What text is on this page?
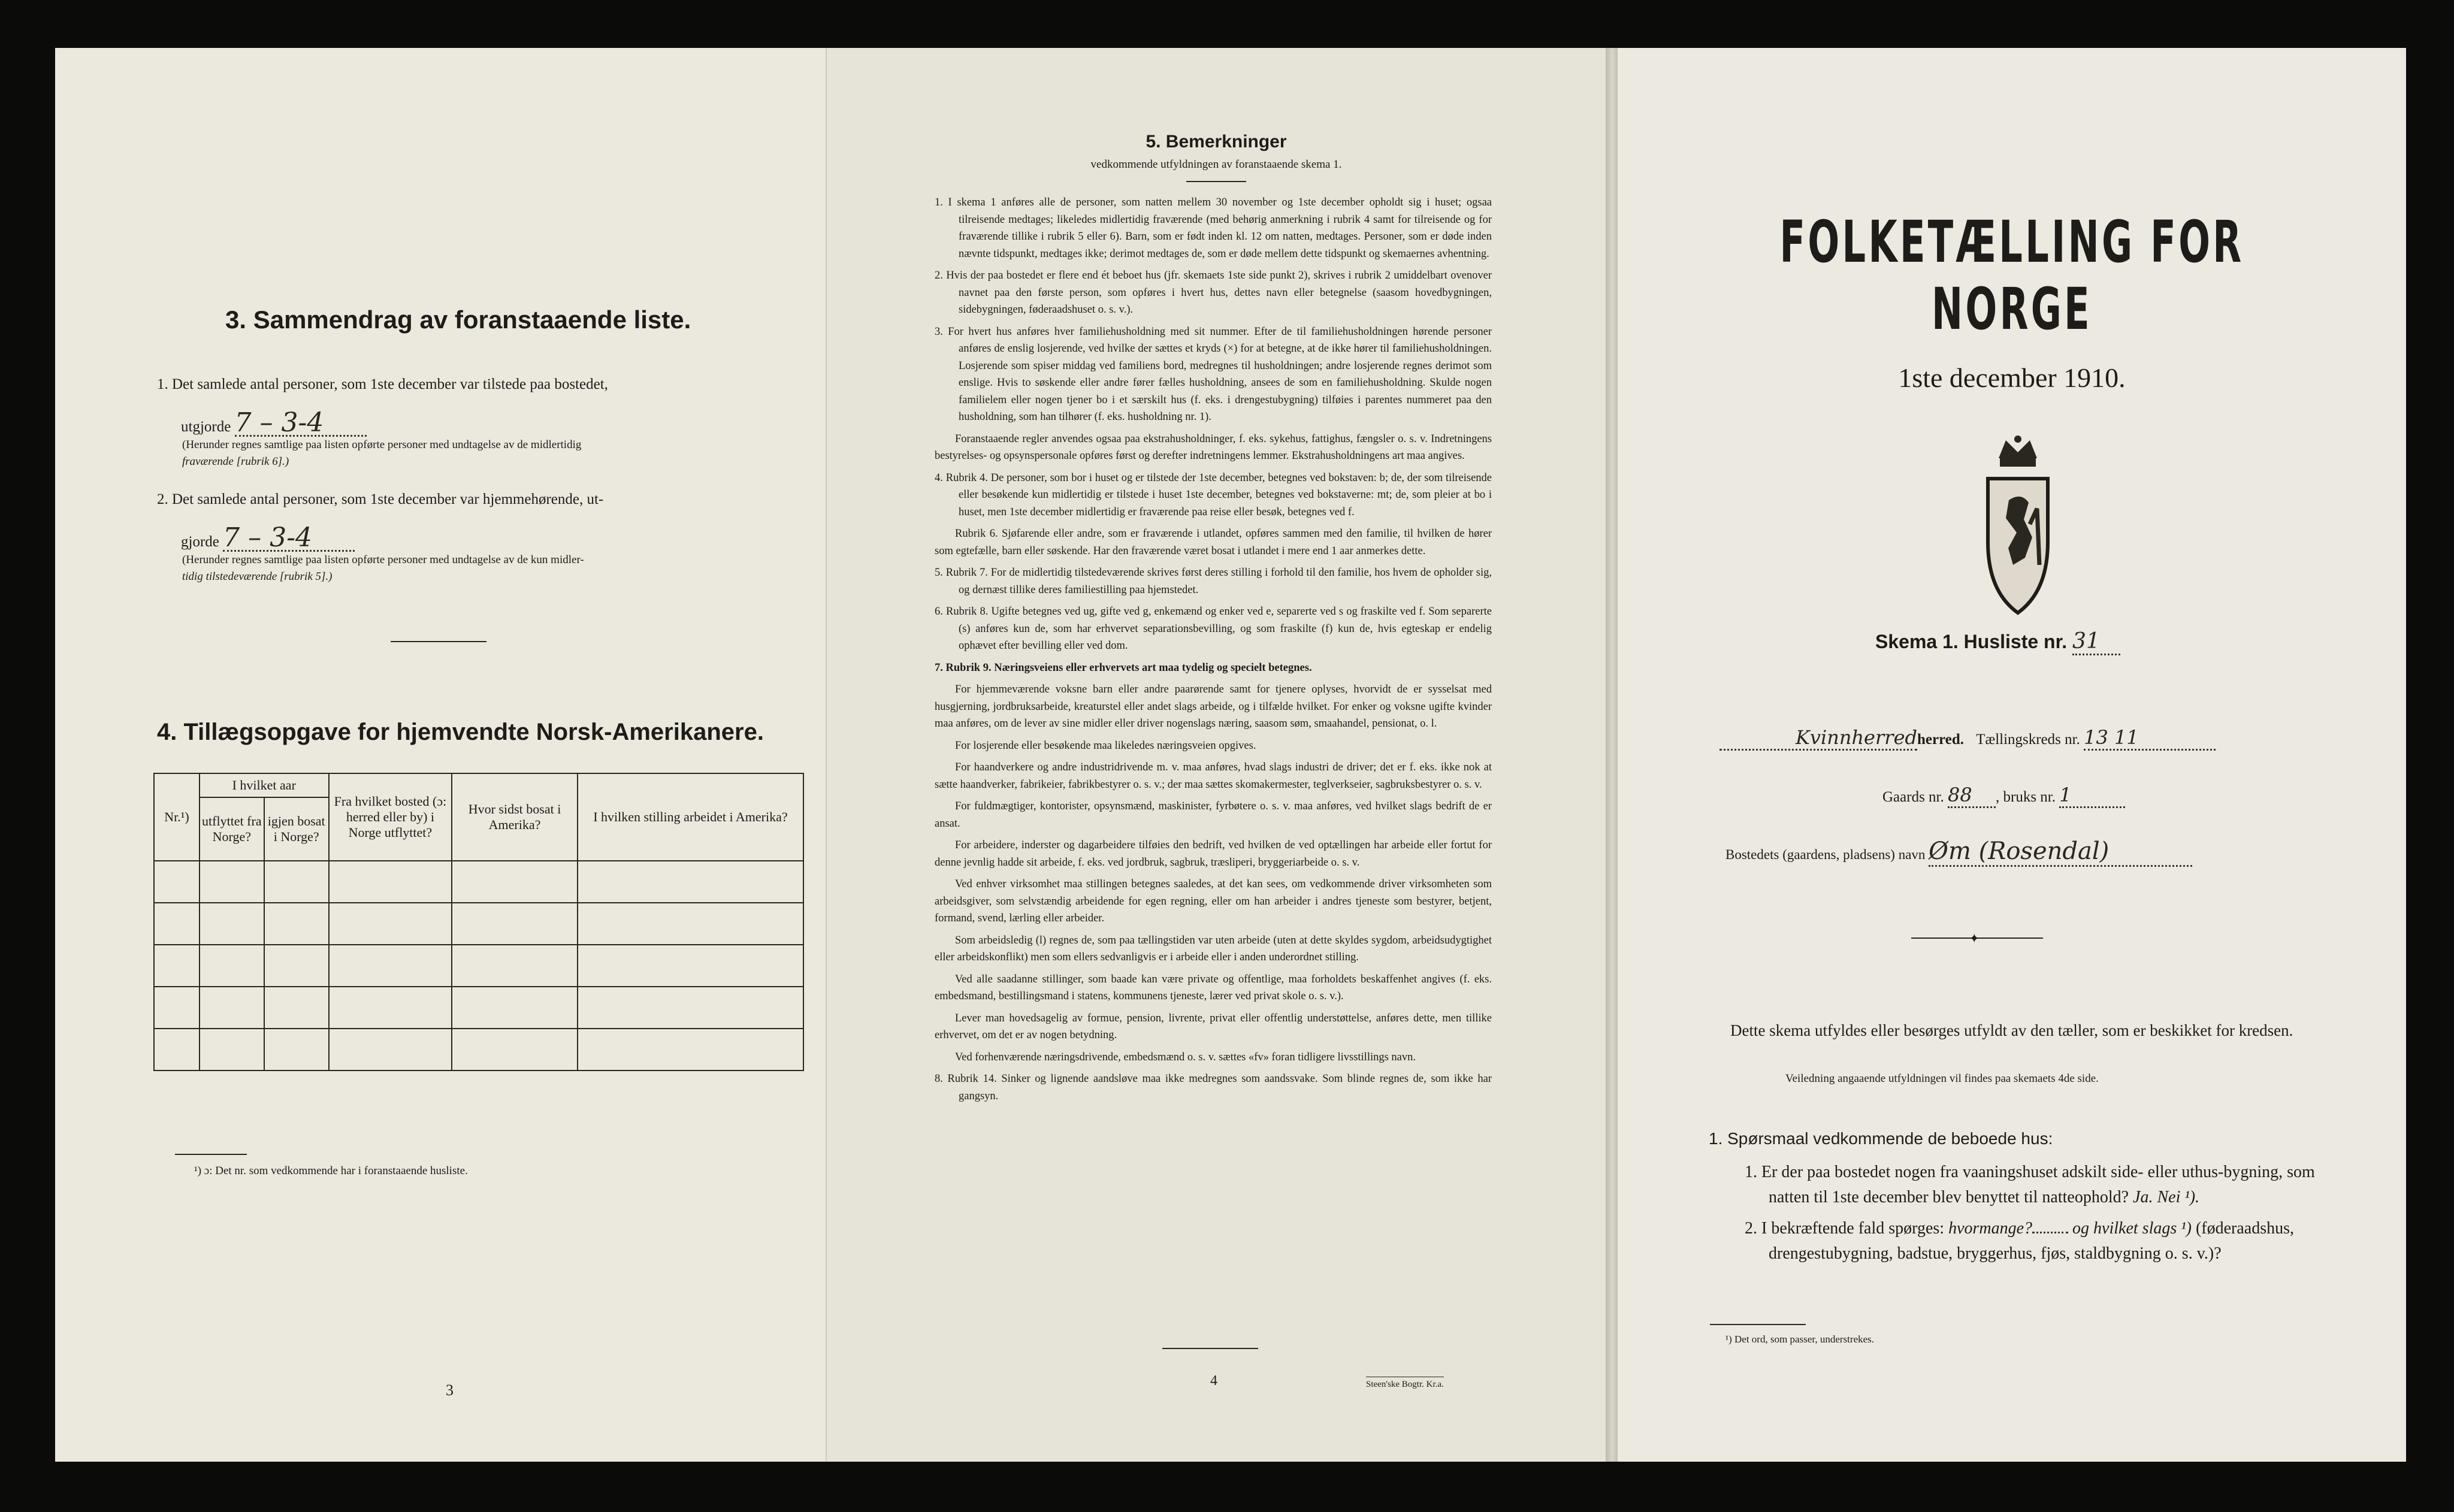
3. Sammendrag av foranstaaende liste.
1. Det samlede antal personer, som 1ste december var tilstede paa bostedet,
utgjorde 7 – 3-4
(Herunder regnes samtlige paa listen opførte personer med undtagelse av de midlertidig
fraværende [rubrik 6].)
2. Det samlede antal personer, som 1ste december var hjemmehørende, ut-
gjorde 7 – 3-4
(Herunder regnes samtlige paa listen opførte personer med undtagelse av de kun midler-
tidig tilstedeværende [rubrik 5].)
4. Tillægsopgave for hjemvendte Norsk-Amerikanere.
Nr.¹)	I hvilket aar		Fra hvilket bosted (ɔ: herred eller by) i Norge utflyttet?	Hvor sidst bosat i Amerika?	I hvilken stilling arbeidet i Amerika?
	utflyttet fra Norge?	igjen bosat i Norge?			

¹) ɔ: Det nr. som vedkommende har i foranstaaende husliste.
3
5. Bemerkninger
vedkommende utfyldningen av foranstaaende skema 1.

1. I skema 1 anføres alle de personer, som natten mellem 30 november og 1ste december opholdt sig i huset; ogsaa tilreisende medtages; likeledes midlertidig fraværende (med behørig anmerkning i rubrik 4 samt for tilreisende og for fraværende tillike i rubrik 5 eller 6). Barn, som er født inden kl. 12 om natten, medtages. Personer, som er døde inden nævnte tidspunkt, medtages ikke; derimot medtages de, som er døde mellem dette tidspunkt og skemaernes avhentning.

2. Hvis der paa bostedet er flere end ét beboet hus (jfr. skemaets 1ste side punkt 2), skrives i rubrik 2 umiddelbart ovenover navnet paa den første person, som opføres i hvert hus, dettes navn eller betegnelse (saasom hovedbygningen, sidebygningen, føderaadshuset o. s. v.).

3. For hvert hus anføres hver familiehusholdning med sit nummer. Efter de til familiehusholdningen hørende personer anføres de enslig losjerende, ved hvilke der sættes et kryds (×) for at betegne, at de ikke hører til familiehusholdningen. Losjerende som spiser middag ved familiens bord, medregnes til husholdningen; andre losjerende regnes derimot som enslige. Hvis to søskende eller andre fører fælles husholdning, ansees de som en familiehusholdning. Skulde nogen familielem eller nogen tjener bo i et særskilt hus (f. eks. i drengestubygning) tilføies i parentes nummeret paa den husholdning, som han tilhører (f. eks. husholdning nr. 1).

Foranstaaende regler anvendes ogsaa paa ekstrahusholdninger, f. eks. sykehus, fattighus, fængsler o. s. v. Indretningens bestyrelses- og opsynspersonale opføres først og derefter indretningens lemmer. Ekstrahusholdningens art maa angives.

4. Rubrik 4. De personer, som bor i huset og er tilstede der 1ste december, betegnes ved bokstaven: b; de, der som tilreisende eller besøkende kun midlertidig er tilstede i huset 1ste december, betegnes ved bokstaverne: mt; de, som pleier at bo i huset, men 1ste december midlertidig er fraværende paa reise eller besøk, betegnes ved f.

Rubrik 6. Sjøfarende eller andre, som er fraværende i utlandet, opføres sammen med den familie, til hvilken de hører som egtefælle, barn eller søskende. Har den fraværende været bosat i utlandet i mere end 1 aar anmerkes dette.

5. Rubrik 7. For de midlertidig tilstedeværende skrives først deres stilling i forhold til den familie, hos hvem de opholder sig, og dernæst tillike deres familiestilling paa hjemstedet.

6. Rubrik 8. Ugifte betegnes ved ug, gifte ved g, enkemænd og enker ved e, separerte ved s og fraskilte ved f. Som separerte (s) anføres kun de, som har erhvervet separationsbevilling, og som fraskilte (f) kun de, hvis egteskap er endelig ophævet efter bevilling eller ved dom.

7. Rubrik 9. Næringsveiens eller erhvervets art maa tydelig og specielt betegnes.

For hjemmeværende voksne barn eller andre paarørende samt for tjenere oplyses, hvorvidt de er sysselsat med husgjerning, jordbruksarbeide, kreaturstel eller andet slags arbeide, og i tilfælde hvilket. For enker og voksne ugifte kvinder maa anføres, om de lever av sine midler eller driver nogenslags næring, saasom søm, smaahandel, pensionat, o. l.

For losjerende eller besøkende maa likeledes næringsveien opgives.

For haandverkere og andre industridrivende m. v. maa anføres, hvad slags industri de driver; det er f. eks. ikke nok at sætte haandverker, fabrikeier, fabrikbestyrer o. s. v.; der maa sættes skomakermester, teglverkseier, sagbruksbestyrer o. s. v.

For fuldmægtiger, kontorister, opsynsmænd, maskinister, fyrbøtere o. s. v. maa anføres, ved hvilket slags bedrift de er ansat.

For arbeidere, inderster og dagarbeidere tilføies den bedrift, ved hvilken de ved optællingen har arbeide eller fortut for denne jevnlig hadde sit arbeide, f. eks. ved jordbruk, sagbruk, træsliperi, bryggeriarbeide o. s. v.

Ved enhver virksomhet maa stillingen betegnes saaledes, at det kan sees, om vedkommende driver virksomheten som arbeidsgiver, som selvstændig arbeidende for egen regning, eller om han arbeider i andres tjeneste som bestyrer, betjent, formand, svend, lærling eller arbeider.

Som arbeidsledig (l) regnes de, som paa tællingstiden var uten arbeide (uten at dette skyldes sygdom, arbeidsudygtighet eller arbeidskonflikt) men som ellers sedvanligvis er i arbeide eller i anden underordnet stilling.

Ved alle saadanne stillinger, som baade kan være private og offentlige, maa forholdets beskaffenhet angives (f. eks. embedsmand, bestillingsmand i statens, kommunens tjeneste, lærer ved privat skole o. s. v.).

Lever man hovedsagelig av formue, pension, livrente, privat eller offentlig understøttelse, anføres dette, men tillike erhvervet, om det er av nogen betydning.

Ved forhenværende næringsdrivende, embedsmænd o. s. v. sættes «fv» foran tidligere livsstillings navn.

8. Rubrik 14. Sinker og lignende aandsløve maa ikke medregnes som aandssvake. Som blinde regnes de, som ikke har gangsyn.

4	Steen'ske Bogtr. Kr.a.
FOLKETÆLLING FOR NORGE
1ste december 1910.
Skema 1. Husliste nr. 31
Kvinnherredherred. Tællingskreds nr. 13 11
Gaards nr. 88 , bruks nr. 1
Bostedets (gaardens, pladsens) navn Øm (Rosendal)
✦
Dette skema utfyldes eller besørges utfyldt av den tæller, som er beskikket for kredsen.
Veiledning angaaende utfyldningen vil findes paa skemaets 4de side.

1. Spørsmaal vedkommende de beboede hus:

1. Er der paa bostedet nogen fra vaaningshuset adskilt side- eller uthus-bygning, som natten til 1ste december blev benyttet til natteophold? Ja. Nei ¹).

2. I bekræftende fald spørges: hvormange? og hvilket slags ¹) (føderaadshus, drengestubygning, badstue, bryggerhus, fjøs, staldbygning o. s. v.)?

¹) Det ord, som passer, understrekes.
